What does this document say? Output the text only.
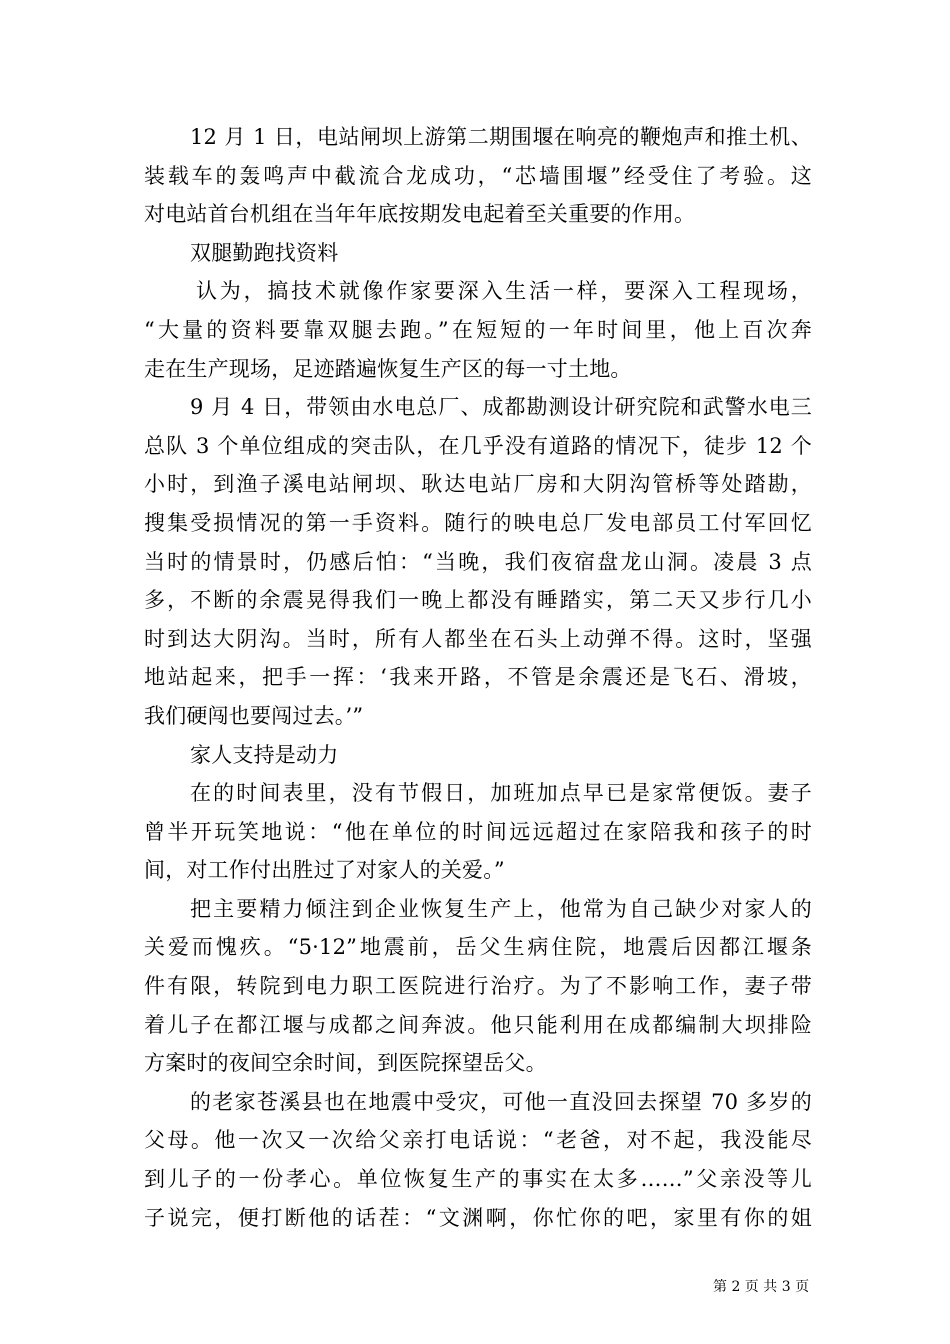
12 月 1 日，电站闸坝上游第二期围堰在响亮的鞭炮声和推土机、
装载车的轰鸣声中截流合龙成功，“芯墙围堰”经受住了考验。这
对电站首台机组在当年年底按期发电起着至关重要的作用。
双腿勤跑找资料
认为，搞技术就像作家要深入生活一样，要深入工程现场，
“大量的资料要靠双腿去跑。”在短短的一年时间里，他上百次奔
走在生产现场，足迹踏遍恢复生产区的每一寸土地。
9 月 4 日，带领由水电总厂、成都勘测设计研究院和武警水电三
总队 3 个单位组成的突击队，在几乎没有道路的情况下，徒步 12 个
小时，到渔子溪电站闸坝、耿达电站厂房和大阴沟管桥等处踏勘，
搜集受损情况的第一手资料。随行的映电总厂发电部员工付军回忆
当时的情景时，仍感后怕：“当晚，我们夜宿盘龙山洞。凌晨 3 点
多，不断的余震晃得我们一晚上都没有睡踏实，第二天又步行几小
时到达大阴沟。当时，所有人都坐在石头上动弹不得。这时，坚强
地站起来，把手一挥：‘我来开路，不管是余震还是飞石、滑坡，
我们硬闯也要闯过去。’”
家人支持是动力
在的时间表里，没有节假日，加班加点早已是家常便饭。妻子
曾半开玩笑地说：“他在单位的时间远远超过在家陪我和孩子的时
间，对工作付出胜过了对家人的关爱。”
把主要精力倾注到企业恢复生产上，他常为自己缺少对家人的
关爱而愧疚。“5·12”地震前，岳父生病住院，地震后因都江堰条
件有限，转院到电力职工医院进行治疗。为了不影响工作，妻子带
着儿子在都江堰与成都之间奔波。他只能利用在成都编制大坝排险
方案时的夜间空余时间，到医院探望岳父。
的老家苍溪县也在地震中受灾，可他一直没回去探望 70 多岁的
父母。他一次又一次给父亲打电话说：“老爸，对不起，我没能尽
到儿子的一份孝心。单位恢复生产的事实在太多……”父亲没等儿
子说完，便打断他的话茬：“文渊啊，你忙你的吧，家里有你的姐
第 2 页 共 3 页
